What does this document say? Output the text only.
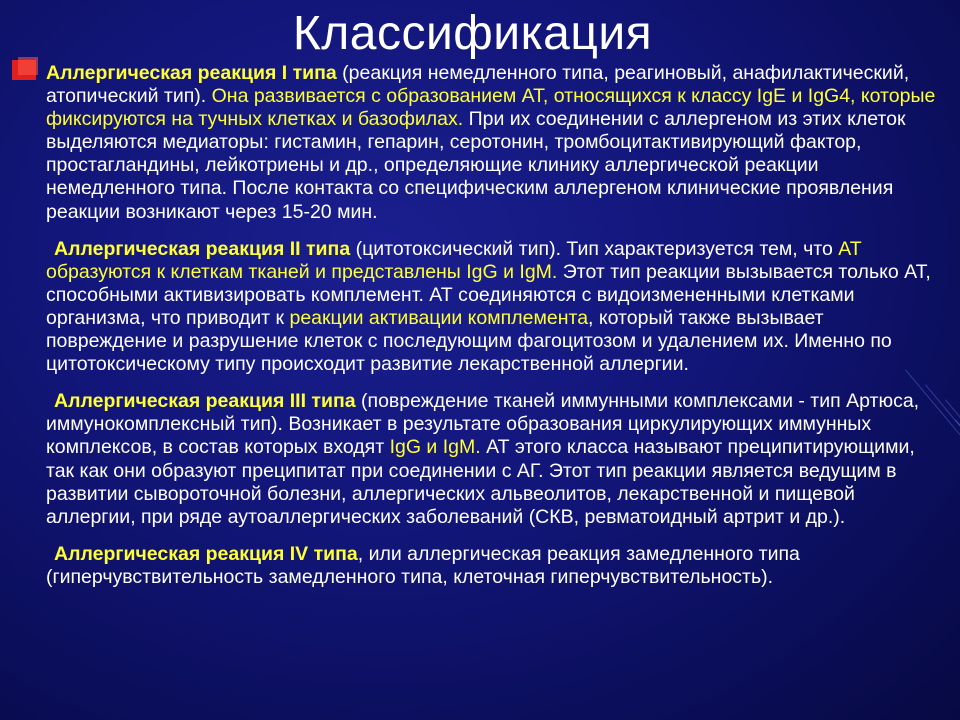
Классификация

Аллергическая реакция I типа (реакция немедленного типа, реагиновый, анафилактический, атопический тип). Она развивается с образованием АТ, относящихся к классу IgE и IgG4, которые фиксируются на тучных клетках и базофилах. При их соединении с аллергеном из этих клеток выделяются медиаторы: гистамин, гепарин, серотонин, тромбоцитактивирующий фактор, простагландины, лейкотриены и др., определяющие клинику аллергической реакции немедленного типа. После контакта со специфическим аллергеном клинические проявления реакции возникают через 15-20 мин.

Аллергическая реакция II типа (цитотоксический тип). Тип характеризуется тем, что АТ образуются к клеткам тканей и представлены IgG и IgM. Этот тип реакции вызывается только АТ, способными активизировать комплемент. АТ соединяются с видоизмененными клетками организма, что приводит к реакции активации комплемента, который также вызывает повреждение и разрушение клеток с последующим фагоцитозом и удалением их. Именно по цитотоксическому типу происходит развитие лекарственной аллергии.

Аллергическая реакция III типа (повреждение тканей иммунными комплексами - тип Артюса, иммунокомплексный тип). Возникает в результате образования циркулирующих иммунных комплексов, в состав которых входят IgG и IgM. АТ этого класса называют преципитирующими, так как они образуют преципитат при соединении с АГ. Этот тип реакции является ведущим в развитии сывороточной болезни, аллергических альвеолитов, лекарственной и пищевой аллергии, при ряде аутоаллергических заболеваний (СКВ, ревматоидный артрит и др.).

Аллергическая реакция IV типа, или аллергическая реакция замедленного типа (гиперчувствительность замедленного типа, клеточная гиперчувствительность).
